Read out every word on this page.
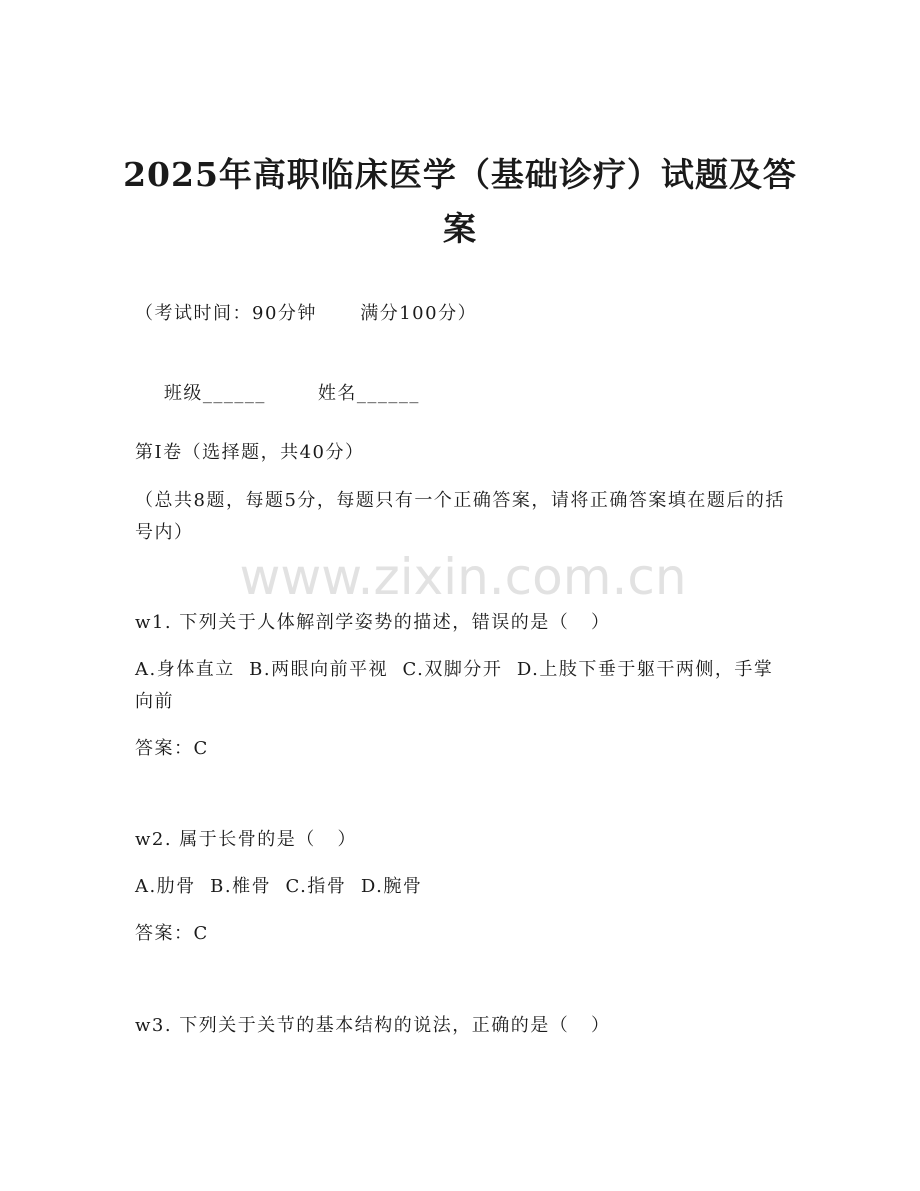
2025年高职临床医学（基础诊疗）试题及答案
（考试时间：90分钟      满分100分）

班级______	姓名______

第Ⅰ卷（选择题，共40分）
（总共8题，每题5分，每题只有一个正确答案，请将正确答案填在题后的括号内）
www.zixin.com.cn
w1. 下列关于人体解剖学姿势的描述，错误的是（   ）
A.身体直立  B.两眼向前平视  C.双脚分开  D.上肢下垂于躯干两侧，手掌向前
答案：C
w2. 属于长骨的是（   ）
A.肋骨  B.椎骨  C.指骨  D.腕骨
答案：C
w3. 下列关于关节的基本结构的说法，正确的是（   ）
